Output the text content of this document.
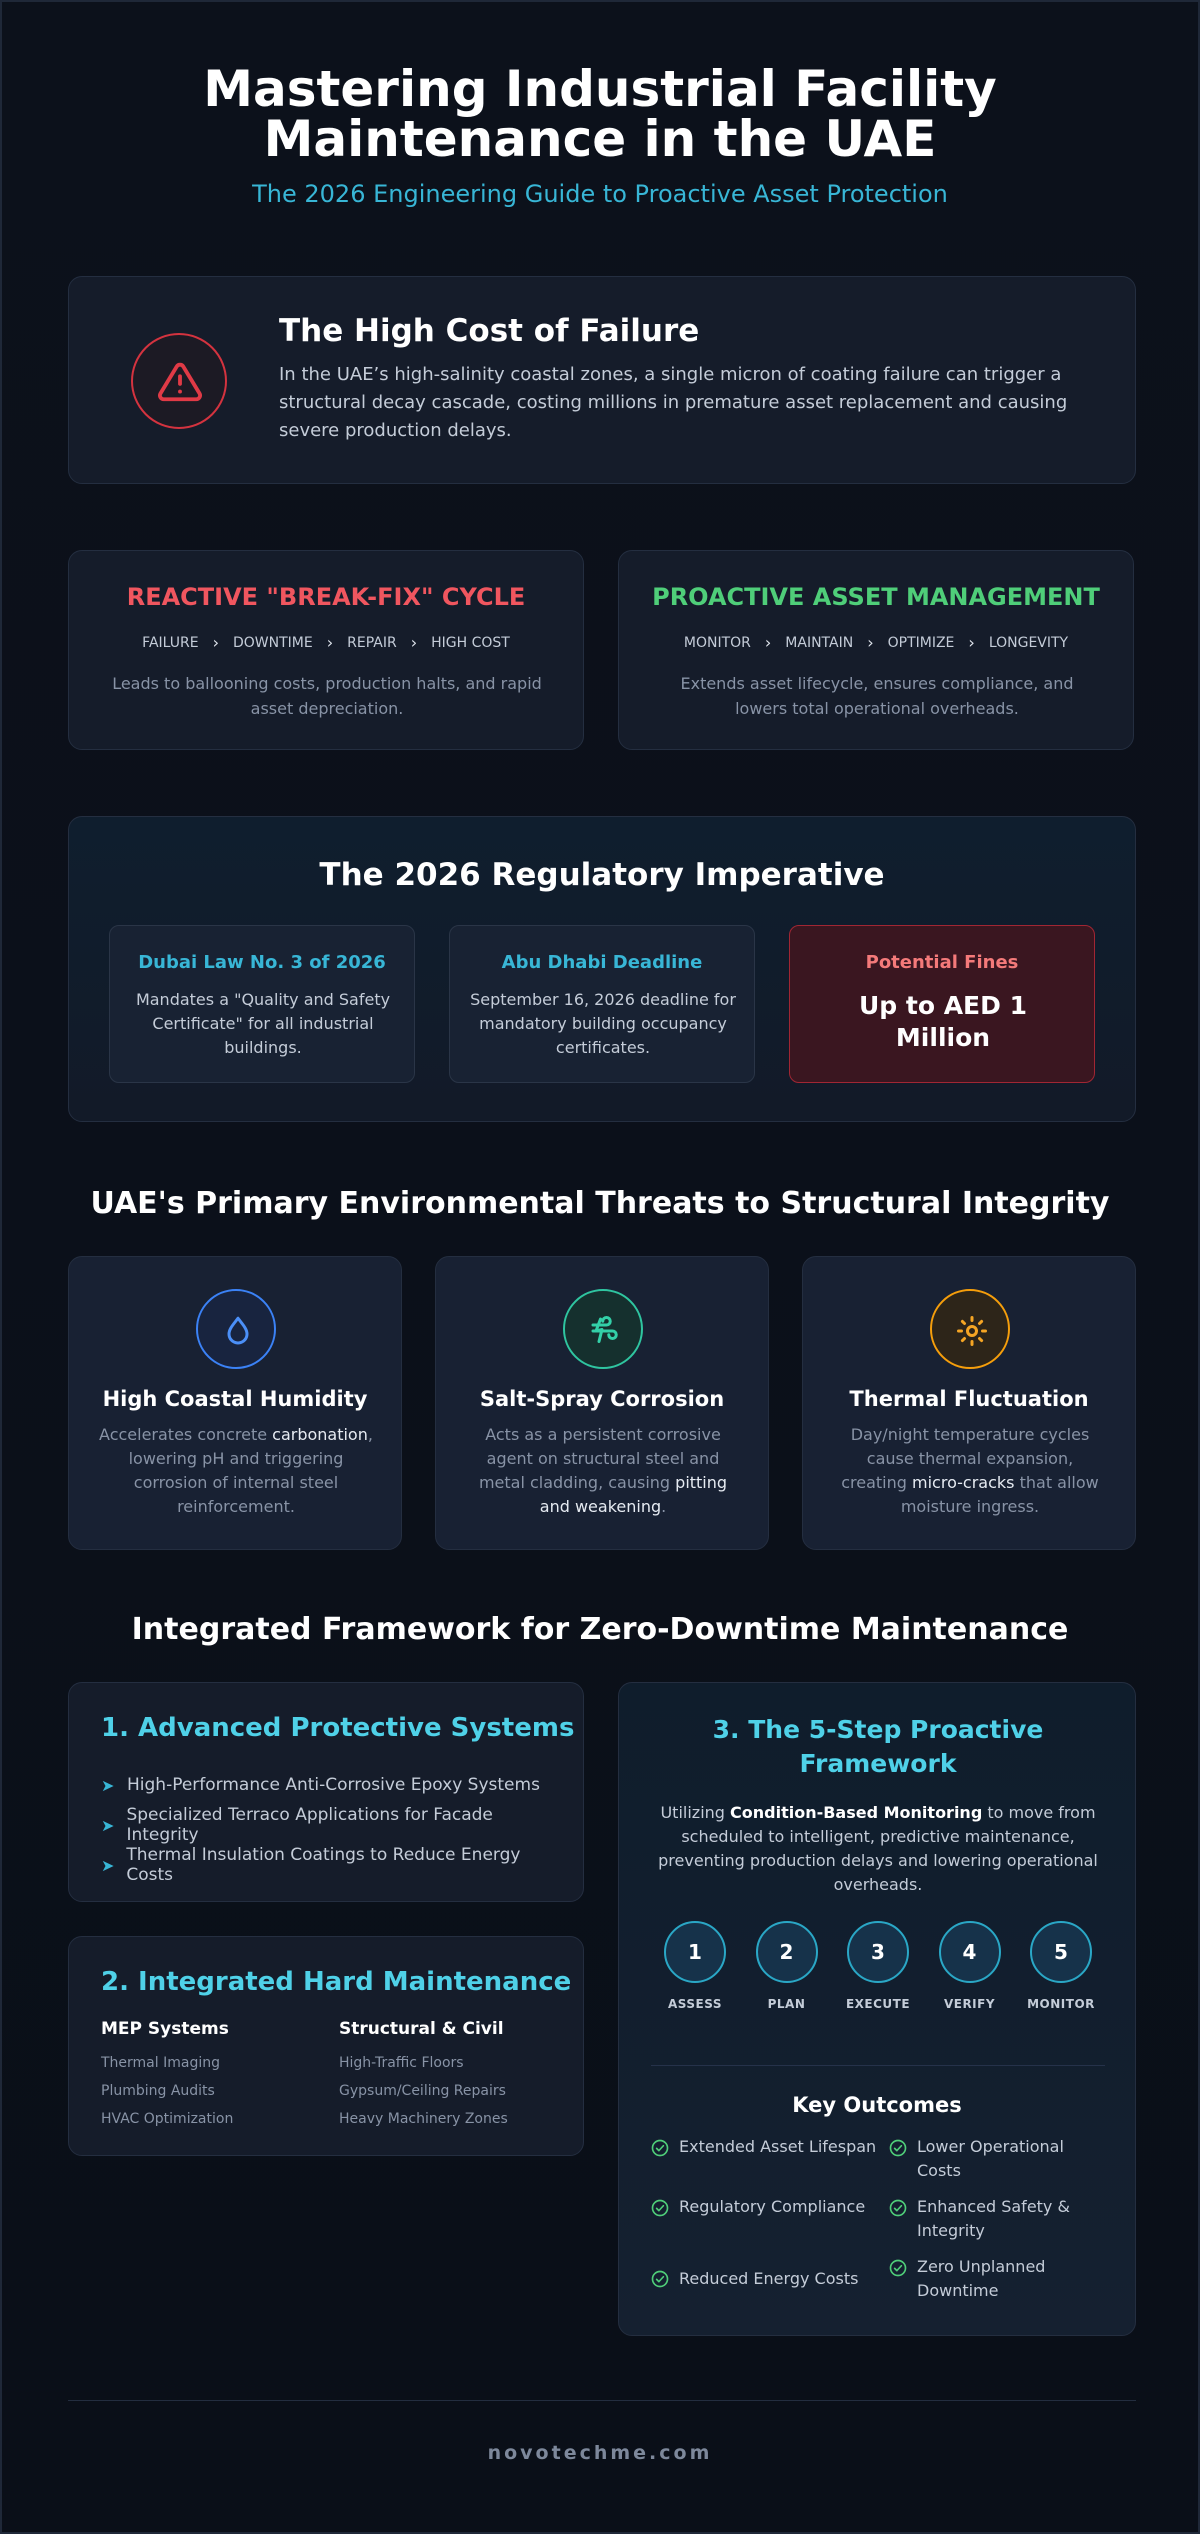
Mastering Industrial Facility
Maintenance in the UAE
The 2026 Engineering Guide to Proactive Asset Protection
The High Cost of Failure
In the UAE’s high-salinity coastal zones, a single micron of coating failure can trigger a structural decay cascade, costing millions in premature asset replacement and causing severe production delays.
REACTIVE "BREAK-FIX" CYCLE
FAILURE › DOWNTIME › REPAIR › HIGH COST
Leads to ballooning costs, production halts, and rapid asset depreciation.
PROACTIVE ASSET MANAGEMENT
MONITOR › MAINTAIN › OPTIMIZE › LONGEVITY
Extends asset lifecycle, ensures compliance, and lowers total operational overheads.
The 2026 Regulatory Imperative
Dubai Law No. 3 of 2026
Mandates a "Quality and Safety Certificate" for all industrial buildings.
Abu Dhabi Deadline
September 16, 2026 deadline for mandatory building occupancy certificates.
Potential Fines
Up to AED 1
Million
UAE's Primary Environmental Threats to Structural Integrity
High Coastal Humidity
Accelerates concrete carbonation, lowering pH and triggering corrosion of internal steel reinforcement.
Salt-Spray Corrosion
Acts as a persistent corrosive agent on structural steel and metal cladding, causing pitting and weakening.
Thermal Fluctuation
Day/night temperature cycles cause thermal expansion, creating micro-cracks that allow moisture ingress.
Integrated Framework for Zero-Downtime Maintenance
1. Advanced Protective Systems
➤ High-Performance Anti-Corrosive Epoxy Systems
➤ Specialized Terraco Applications for Facade Integrity
➤ Thermal Insulation Coatings to Reduce Energy Costs
2. Integrated Hard Maintenance
MEP Systems
Thermal Imaging
Plumbing Audits
HVAC Optimization
Structural & Civil
High-Traffic Floors
Gypsum/Ceiling Repairs
Heavy Machinery Zones
3. The 5-Step Proactive
Framework
Utilizing Condition-Based Monitoring to move from scheduled to intelligent, predictive maintenance, preventing production delays and lowering operational overheads.
1
ASSESS
2
PLAN
3
EXECUTE
4
VERIFY
5
MONITOR
Key Outcomes
Extended Asset Lifespan	Lower Operational Costs
Regulatory Compliance	Enhanced Safety & Integrity
Reduced Energy Costs
Zero Unplanned Downtime
novotechme.com
